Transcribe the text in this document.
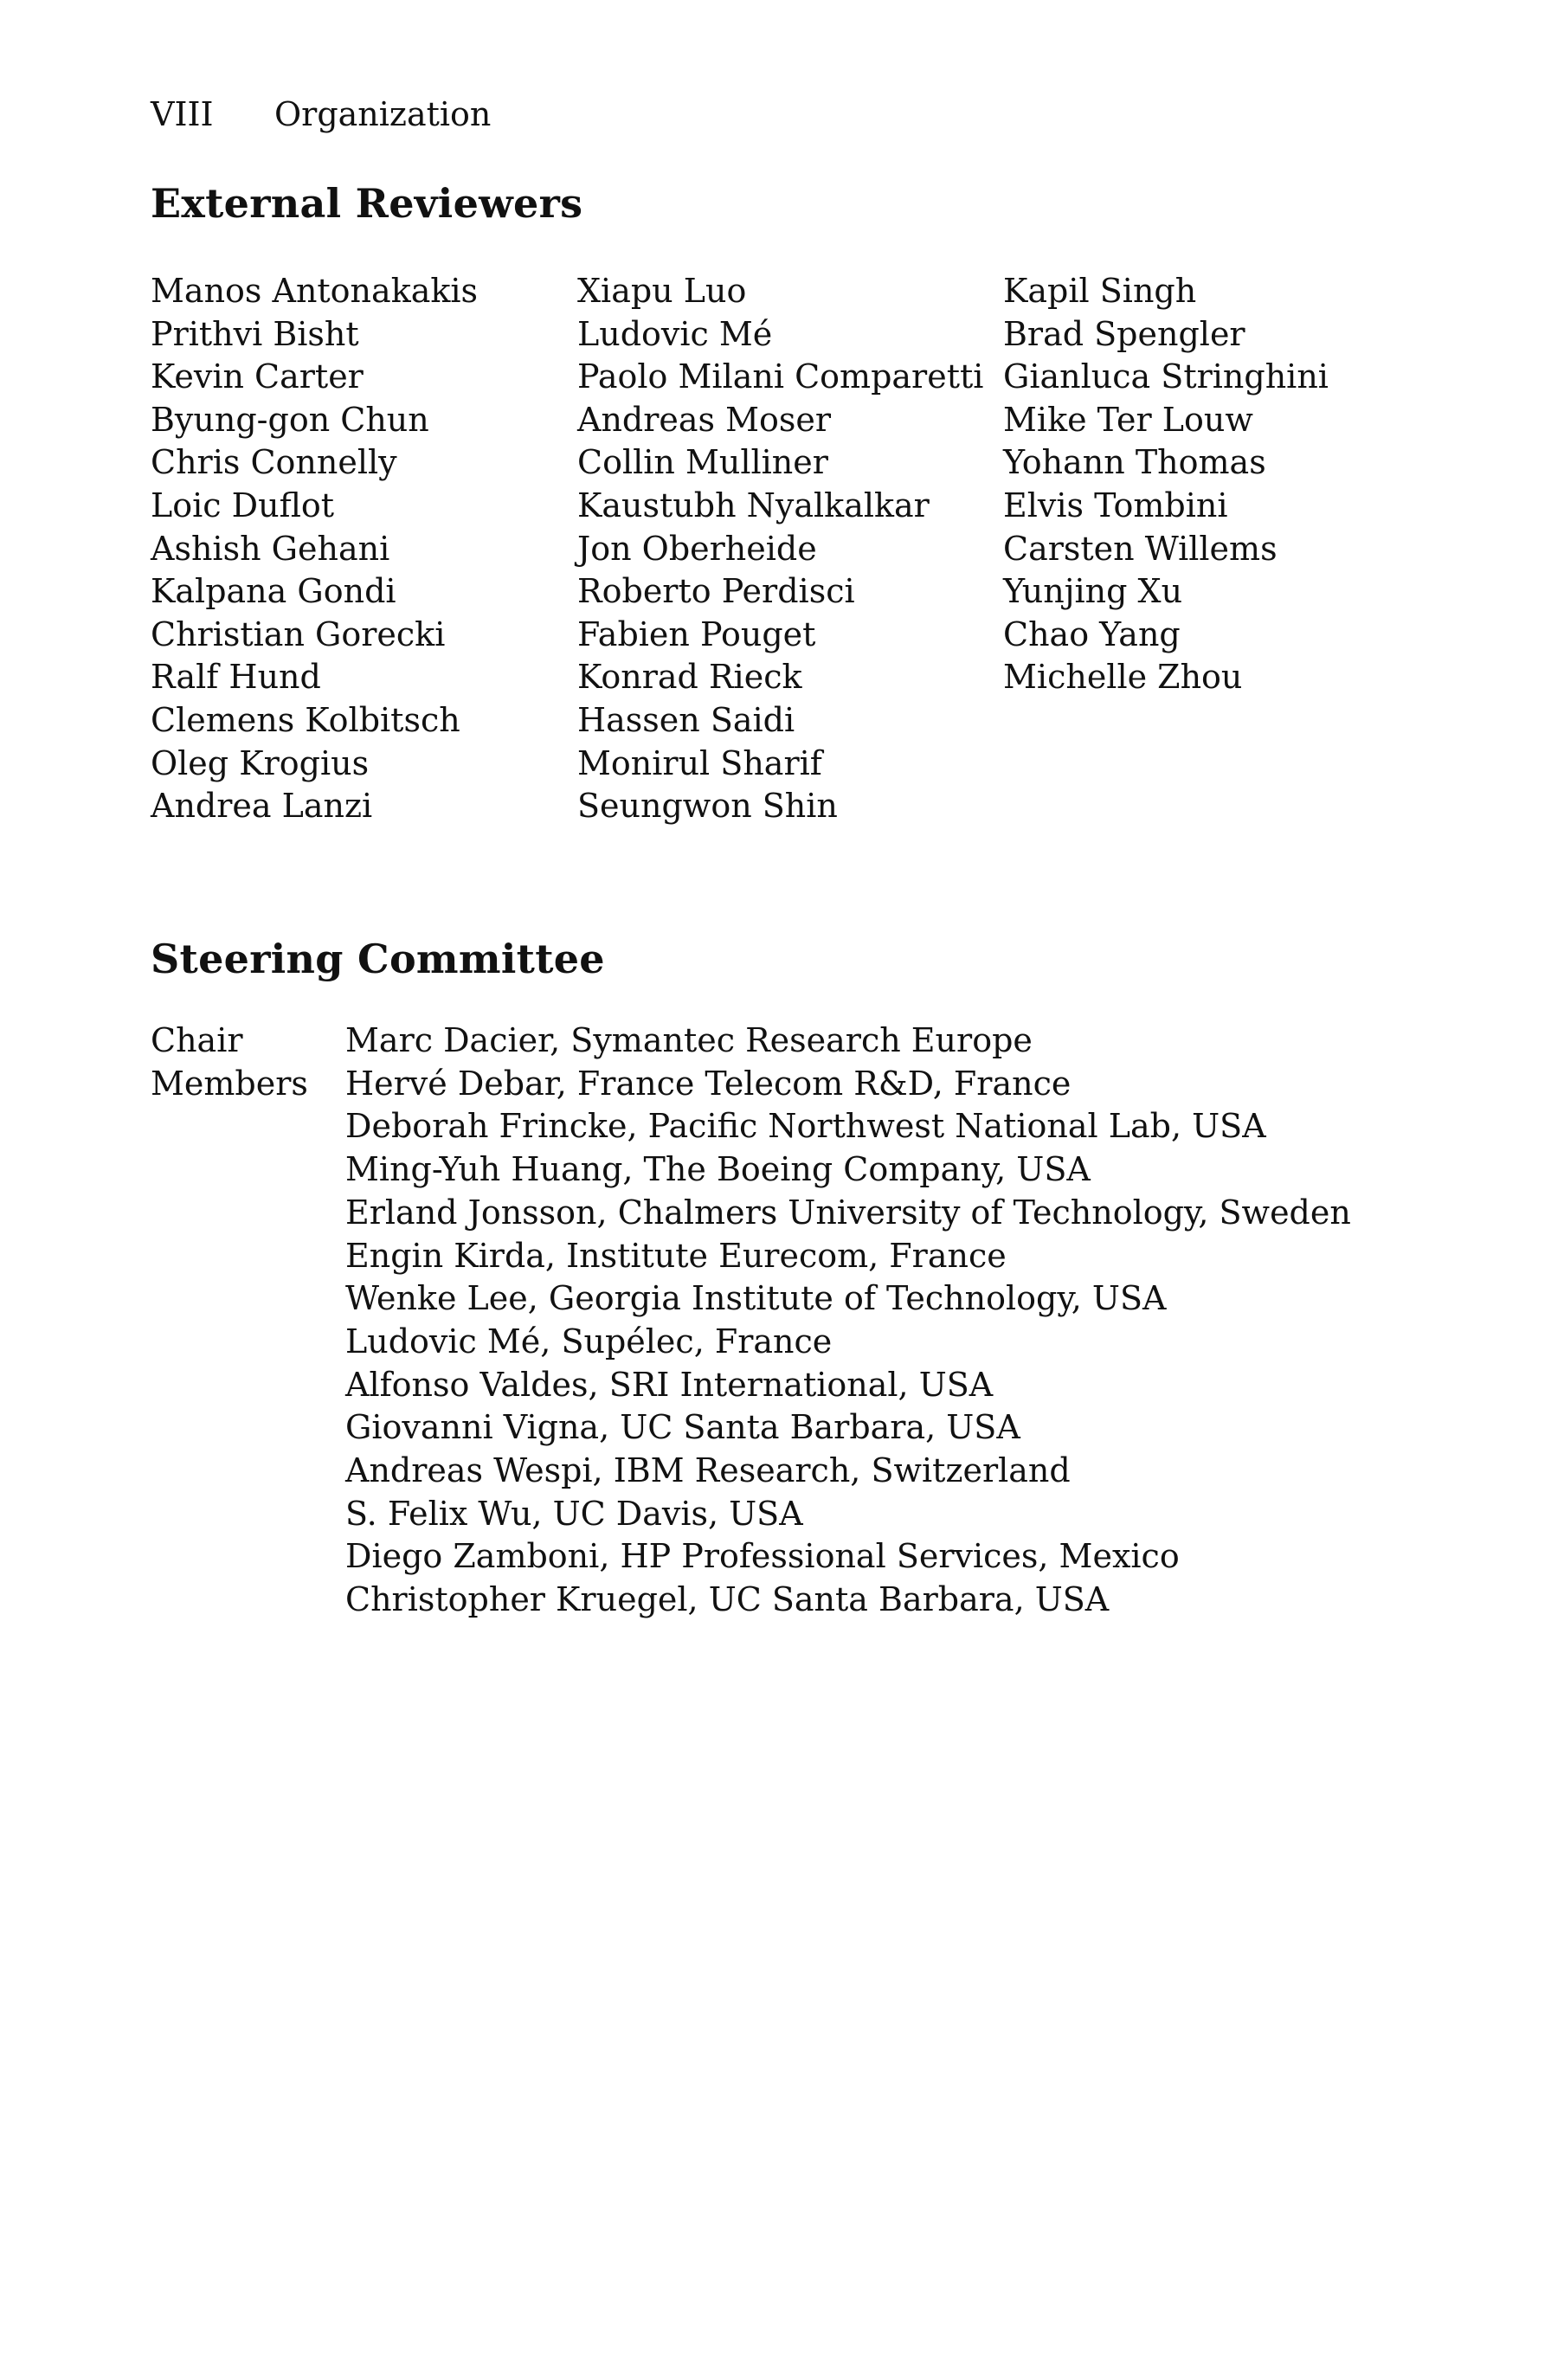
VIII Organization
External Reviewers
Manos Antonakakis
Prithvi Bisht
Kevin Carter
Byung-gon Chun
Chris Connelly
Loic Duflot
Ashish Gehani
Kalpana Gondi
Christian Gorecki
Ralf Hund
Clemens Kolbitsch
Oleg Krogius
Andrea Lanzi
Xiapu Luo
Ludovic Mé
Paolo Milani Comparetti
Andreas Moser
Collin Mulliner
Kaustubh Nyalkalkar
Jon Oberheide
Roberto Perdisci
Fabien Pouget
Konrad Rieck
Hassen Saidi
Monirul Sharif
Seungwon Shin
Kapil Singh
Brad Spengler
Gianluca Stringhini
Mike Ter Louw
Yohann Thomas
Elvis Tombini
Carsten Willems
Yunjing Xu
Chao Yang
Michelle Zhou
Steering Committee
Chair	Marc Dacier, Symantec Research Europe
Members	Hervé Debar, France Telecom R&D, France
Deborah Frincke, Pacific Northwest National Lab, USA
Ming-Yuh Huang, The Boeing Company, USA
Erland Jonsson, Chalmers University of Technology, Sweden
Engin Kirda, Institute Eurecom, France
Wenke Lee, Georgia Institute of Technology, USA
Ludovic Mé, Supélec, France
Alfonso Valdes, SRI International, USA
Giovanni Vigna, UC Santa Barbara, USA
Andreas Wespi, IBM Research, Switzerland
S. Felix Wu, UC Davis, USA
Diego Zamboni, HP Professional Services, Mexico
Christopher Kruegel, UC Santa Barbara, USA
